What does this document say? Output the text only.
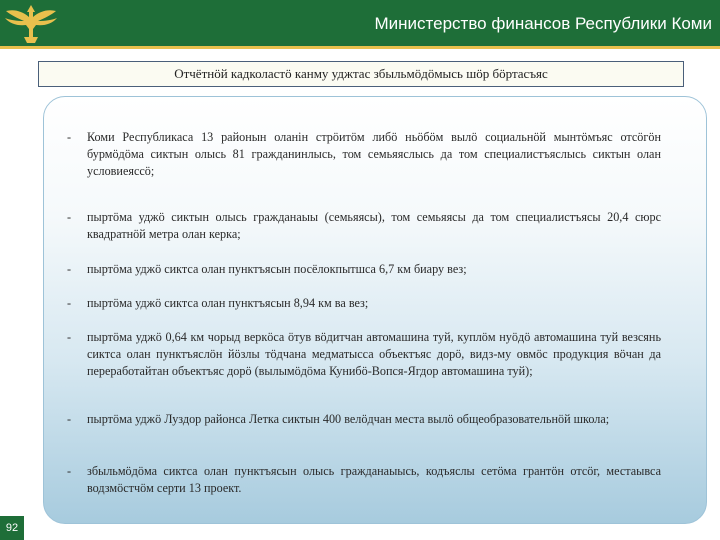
Министерство финансов Республики Коми
Отчётнӧй кадколастӧ канму уджтас збыльмӧдӧмысь шӧр бӧртасъяс
- Коми Республикаса 13 районын оланін стрӧитӧм либӧ ньӧбӧм вылӧ социальнӧй мынтӧмъяс отсӧгӧн бурмӧдӧма сиктын олысь 81 гражданинлысь, том семьяяслысь да том специалистъяслысь сиктын олан условиеяссӧ;
- пыртӧма уджӧ сиктын олысь гражданаыы (семьяясы), том семьяясы да том специалистъясы 20,4 сюрс квадратнӧй метра олан керка;
- пыртӧма уджӧ сиктса олан пунктъясын посёлокпытшса 6,7 км биару вез;
- пыртӧма уджӧ сиктса олан пунктъясын 8,94 км ва вез;
- пыртӧма уджӧ 0,64 км чорыд веркӧса ӧтув вӧдитчан автомашина туй, куплӧм нуӧдӧ автомашина туй везсянь сиктса олан пунктъяслӧн йӧзлы тӧдчана медматысса объектъяс дорӧ, видз-му овмӧс продукция вӧчан да переработайтан объектъяс дорӧ (вылымӧдӧма Кунибӧ-Вопся-Ягдор автомашина туй);
- пыртӧма уджӧ Луздор районса Летка сиктын 400 велӧдчан места вылӧ общеобразовательнӧй школа;
- збыльмӧдӧма сиктса олан пунктъясын олысь гражданаыысь, кодъяслы сетӧма грантӧн отсӧг, местаывса водзмӧстчӧм серти 13 проект.
92
